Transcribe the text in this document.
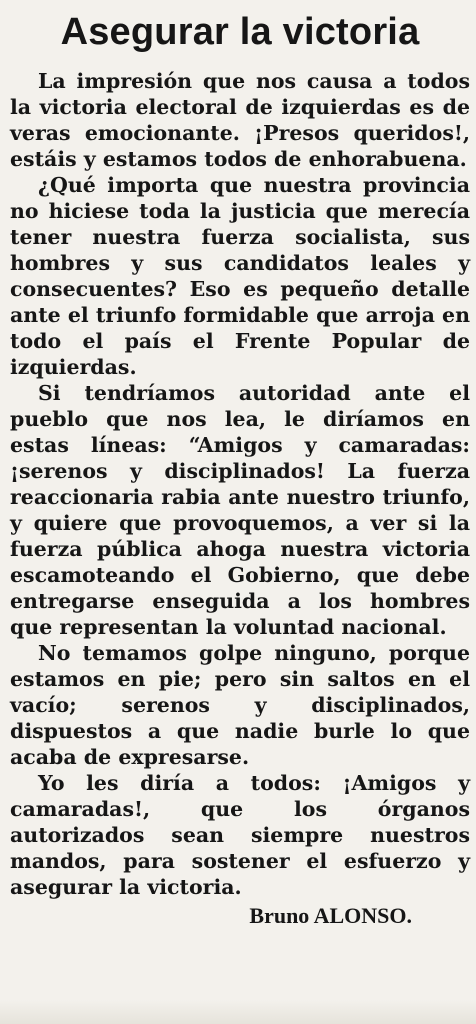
Asegurar la victoria

La impresión que nos causa a todos la victoria electoral de izquierdas es de veras emocionante. ¡Presos queridos!, estáis y estamos todos de enhorabuena.

¿Qué importa que nuestra provincia no hiciese toda la justicia que merecía tener nuestra fuerza socialista, sus hombres y sus candidatos leales y consecuentes? Eso es pequeño detalle ante el triunfo formidable que arroja en todo el país el Frente Popular de izquierdas.

Si tendríamos autoridad ante el pueblo que nos lea, le diríamos en estas líneas: “Amigos y camaradas: ¡serenos y disciplinados! La fuerza reaccionaria rabia ante nuestro triunfo, y quiere que provoquemos, a ver si la fuerza pública ahoga nuestra victoria escamoteando el Gobierno, que debe entregarse enseguida a los hombres que representan la voluntad nacional.

No temamos golpe ninguno, porque estamos en pie; pero sin saltos en el vacío; serenos y disciplinados, dispuestos a que nadie burle lo que acaba de expresarse.

Yo les diría a todos: ¡Amigos y camaradas!, que los órganos autorizados sean siempre nuestros mandos, para sostener el esfuerzo y asegurar la victoria.

Bruno ALONSO.
